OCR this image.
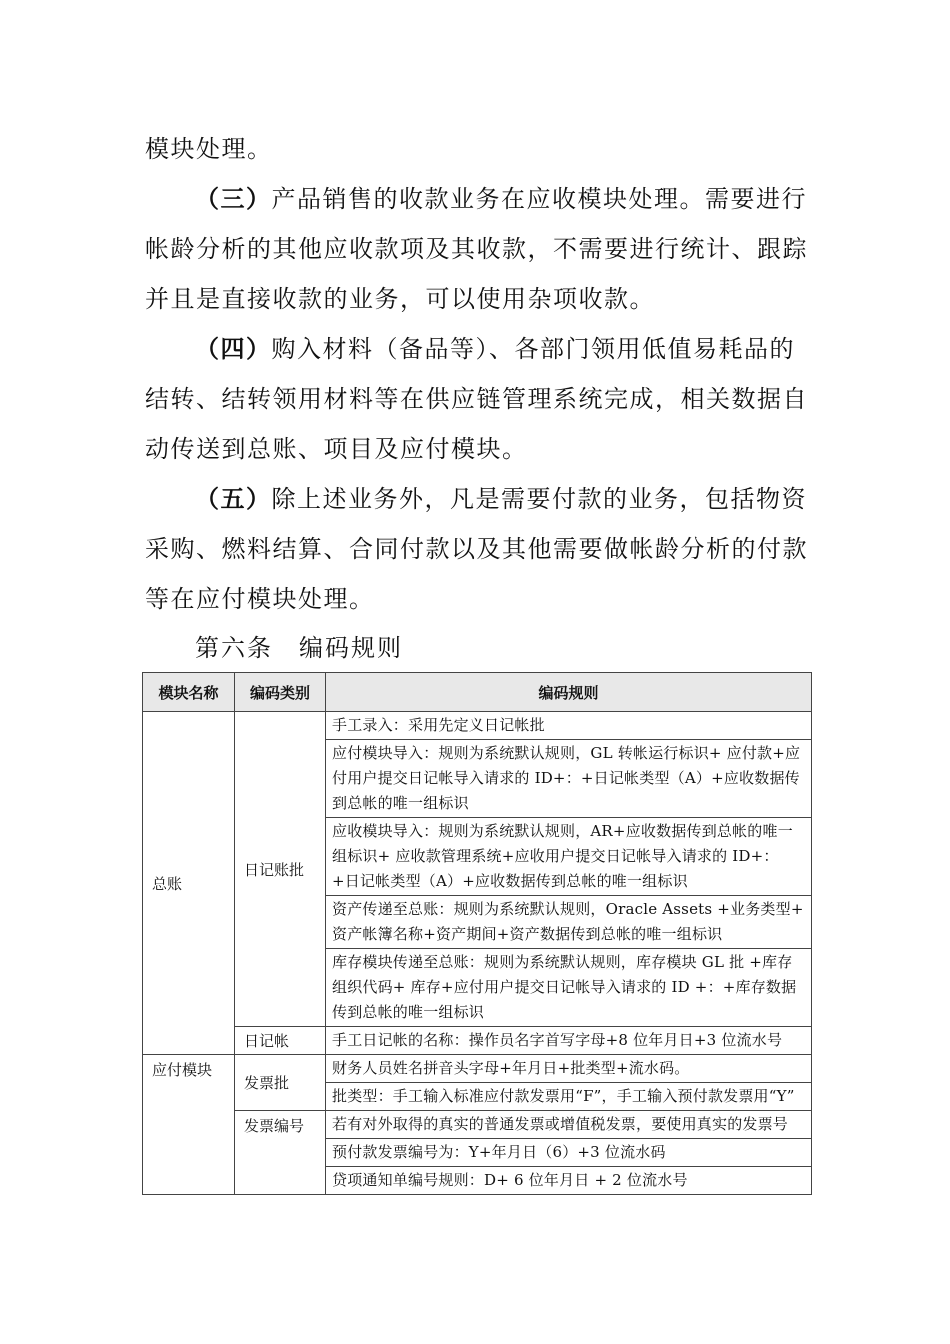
模块处理。

（三）产品销售的收款业务在应收模块处理。需要进行帐龄分析的其他应收款项及其收款，不需要进行统计、跟踪并且是直接收款的业务，可以使用杂项收款。

（四）购入材料（备品等）、各部门领用低值易耗品的结转、结转领用材料等在供应链管理系统完成，相关数据自动传送到总账、项目及应付模块。

（五）除上述业务外，凡是需要付款的业务，包括物资采购、燃料结算、合同付款以及其他需要做帐龄分析的付款等在应付模块处理。

第六条 编码规则

模块名称	编码类别	编码规则
总账	日记账批	手工录入：采用先定义日记帐批
		应付模块导入：规则为系统默认规则，GL 转帐运行标识+ 应付款+应付用户提交日记帐导入请求的 ID+：+日记帐类型（A）+应收数据传到总帐的唯一组标识
		应收模块导入：规则为系统默认规则，AR+应收数据传到总帐的唯一组标识+ 应收款管理系统+应收用户提交日记帐导入请求的 ID+：+日记帐类型（A）+应收数据传到总帐的唯一组标识
		资产传递至总账：规则为系统默认规则，Oracle Assets +业务类型+ 资产帐簿名称+资产期间+资产数据传到总帐的唯一组标识
		库存模块传递至总账：规则为系统默认规则，库存模块 GL 批 +库存组织代码+ 库存+应付用户提交日记帐导入请求的 ID +：+库存数据传到总帐的唯一组标识
	日记帐	手工日记帐的名称：操作员名字首写字母+8 位年月日+3 位流水号
应付模块	发票批	财务人员姓名拼音头字母+年月日+批类型+流水码。
		批类型：手工输入标准应付款发票用“F”，手工输入预付款发票用“Y”
	发票编号	若有对外取得的真实的普通发票或增值税发票，要使用真实的发票号
		预付款发票编号为：Y+年月日（6）+3 位流水码
		贷项通知单编号规则：D+ 6 位年月日 + 2 位流水号
